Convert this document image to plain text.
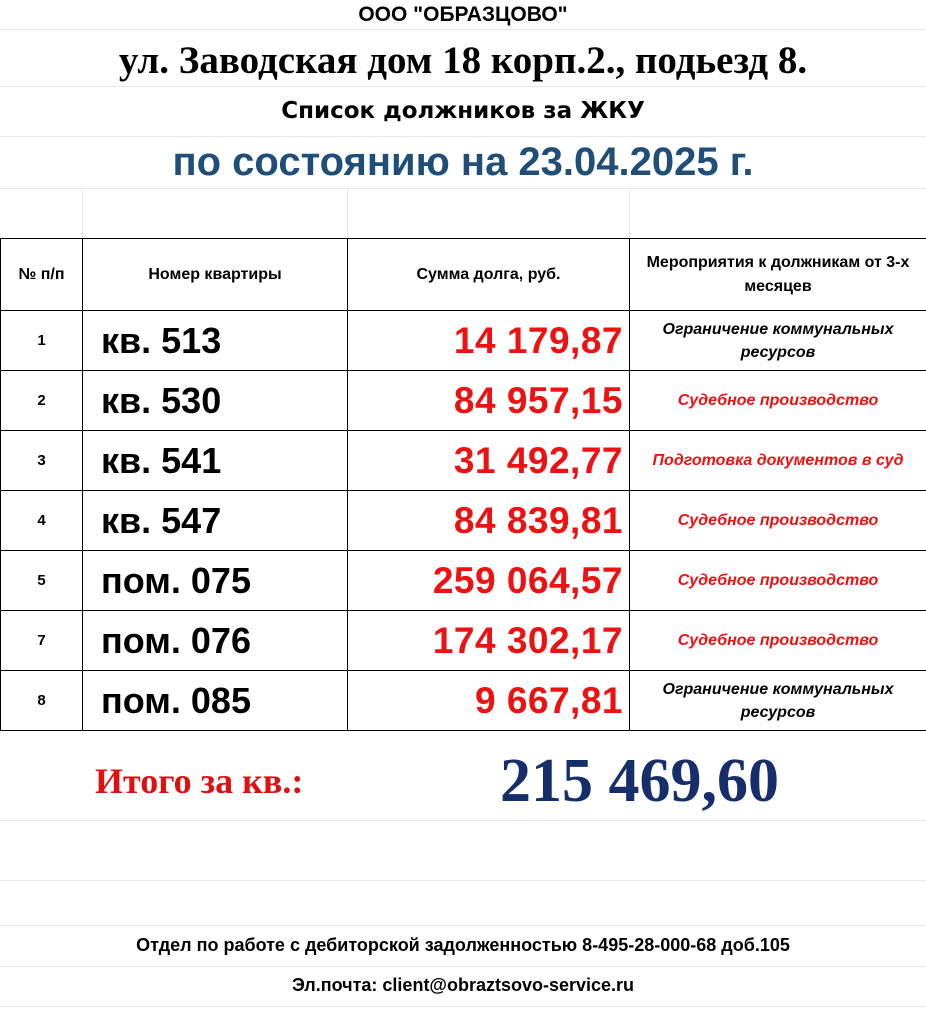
ООО "ОБРАЗЦОВО"
ул. Заводская дом 18 корп.2., подьезд 8.
Список должников за ЖКУ
по состоянию на 23.04.2025 г.
№ п/п	Номер квартиры	Сумма долга, руб.	Мероприятия к должникам от 3-х месяцев
1	кв. 513	14 179,87	Ограничение коммунальных ресурсов
2	кв. 530	84 957,15	Судебное производство
3	кв. 541	31 492,77	Подготовка документов в суд
4	кв. 547	84 839,81	Судебное производство
5	пом. 075	259 064,57	Судебное производство
7	пом. 076	174 302,17	Судебное производство
8	пом. 085	9 667,81	Ограничение коммунальных ресурсов
Итого за кв.:	215 469,60
Отдел по работе с дебиторской задолженностью 8-495-28-000-68 доб.105
Эл.почта: client@obraztsovo-service.ru
